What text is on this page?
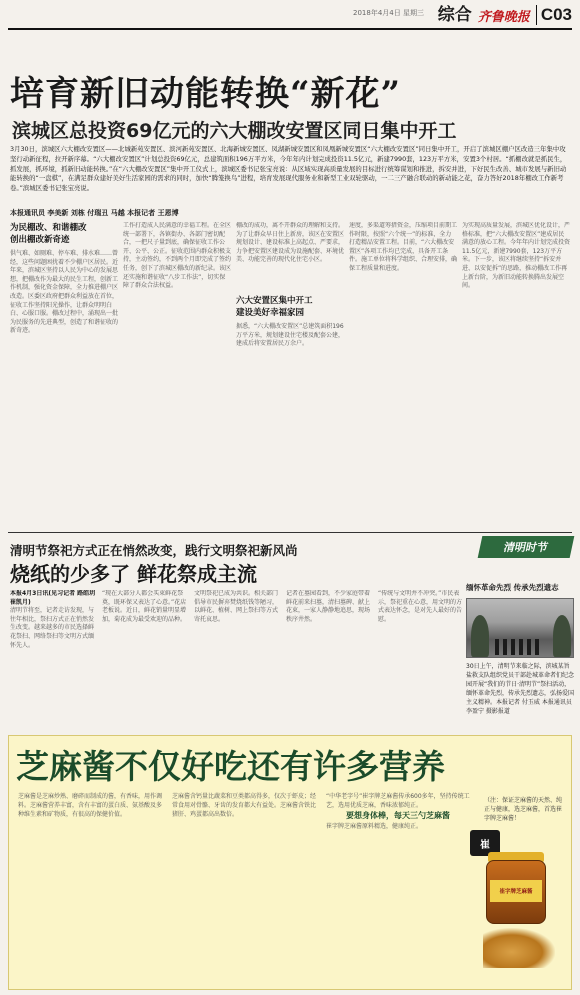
2018年4月4日 星期三 综合 齐鲁晚报 C03
培育新旧动能转换“新花”
滨城区总投资69亿元的六大棚改安置区同日集中开工

3月30日，滨城区六大棚改安置区——北城新苑安置区、滨河新苑安置区、北海新城安置区、凤湖新城安置区和凤凰新城安置区“六大棚改安置区”同日集中开工，开启了滨城区棚户区改造三年集中攻坚行动新征程，拉开新序幕。“六大棚改安置区”计划总投资69亿元，总建筑面积196万平方米，今年年内计划完成投资11.5亿元，新建7990套，123万平方米，安置3个村居。“抓棚改就是抓民生，抓发展，抓环境，抓新旧动能转换。”在“六大棚改安置区”集中开工仪式上，滨城区委书记张宝亮说：从区域实现高质量发展的目标进行统筹谋划和推进，拆安并进，下好民生改善、城市发展与新旧动能转换的“一盘棋”，在满足群众建好美好生活家园的需求的同时，加快“腾笼换鸟”进程，培育发展现代服务业和新型工业双轮驱动，一二三产融合联动的新动能之花，奋力答好2018年棚改工作新考卷。”滨城区委书记张宝亮说。

本报通讯员 李美新 刘栋 付瑞丑 马越 本报记者 王恩博
为民棚改、和谐棚改
创出棚改新奇迹
供气难、如厕难、停车难、排水难……曾经，这些问题困扰着不少棚户区居民。近年来，滨城区坚持以人民为中心的发展思想，把棚改作为最大的民生工程，创新工作机制，强化资金保障，全力推进棚户区改造。区委区政府把群众利益放在首位，征收工作坚持阳光操作，让群众明明白白、心服口服。棚改过程中，涌现出一批为民服务的先进典型，创造了和谐征收的新奇迹。
工作打造成人民满意的幸福工程。在全区统一部署下，各镇街办、各部门密切配合，一把尺子量到底，确保征收工作公开、公平、公正。征收范围内群众积极支持，主动签约，不到两个月即完成了签约任务，创下了滨城区棚改的新纪录。该区还实施和谐征收“八步工作法”，切实保障了群众合法权益。
棚改的成功，离不开群众的理解和支持。为了让群众早日住上新房，该区在安置区规划设计、建设标准上高起点、严要求，力争把安置区建设成为设施配套、环境优美、功能完善的现代化住宅小区。
六大安置区集中开工
建设美好幸福家园
据悉，“六大棚改安置区”总建筑面积196万平方米，规划建设住宅楼及配套公建，建成后将安置居民万余户。
速度，多渠道筹措资金，压缩项目前期工作时限，按照“六个统一”的标准，全力打造精品安置工程。目前，“六大棚改安置区”各项工作均已完成，具备开工条件。施工单位将科学组织、合理安排，确保工程质量和进度。
为实现高质量发展，滨城区优化设计，严格标准，把“六大棚改安置区”建成居民满意的放心工程。今年年内计划完成投资11.5亿元，新建7990套，123万平方米。下一步，该区将继续坚持“拆安并进、以安促拆”的思路，推动棚改工作再上新台阶，为新旧动能转换腾出发展空间。
清明时节
清明节祭祀方式正在悄然改变，践行文明祭祀新风尚
烧纸的少多了 鲜花祭成主流
本报4月3日讯(见习记者 路皓玥 崔凯月)
清明节将至，记者走访发现，与往年相比，祭扫方式正在悄然发生改变。越来越多的市民选择鲜花祭扫、网络祭扫等文明方式缅怀先人。
“现在大部分人都会买束鲜花祭奠，既环保又表达了心意。”花店老板说。近日，鲜花销量明显增加，菊花成为最受欢迎的品种。
文明祭祀已成为共识。相关部门倡导市民摒弃焚烧纸钱等陋习，以鲜花、植树、网上祭扫等方式寄托哀思。
记者在墓园看到，不少家庭带着鲜花前来扫墓，清扫墓碑、献上花束，一家人静静地追思，现场秩序井然。
“传统与文明并不冲突。”市民表示，祭祀重在心意，用文明的方式表达怀念，是对先人最好的告慰。
缅怀革命先烈 传承先烈遗志
30日上午，清明节来临之际，滨城某旨盐救支队组织党员干部赴城革命者们纪念园开展“我们的节日·清明节”祭扫活动，缅怀革命先烈，传承先烈遗志，弘扬爱国主义精神。本报记者 付玉威 本报通讯员 李盈宁 摄影报道
芝麻酱不仅好吃还有许多营养
芝麻酱是芝麻炒熟、磨碎而制成的酱，有香味，用作调料。芝麻酱营养丰富，含有丰富的蛋白质、氨基酸及多种维生素和矿物质，有很高的保健价值。
芝麻酱含钙量比蔬菜和豆类都高得多，仅次于虾皮；经常食用对骨骼、牙齿的发育都大有益处。芝麻酱含铁比猪肝、鸡蛋都高出数倍。
“中华老字号”崔字牌芝麻酱传承600多年，坚持传统工艺，选用优质芝麻，香味浓郁纯正。
要想身体棒，每天三勺芝麻酱
崔字牌芝麻酱原料精选，健康纯正。
（注：保证芝麻酱的天然、纯正与健康，选芝麻酱，首选崔字牌芝麻酱！
崔
崔字牌芝麻酱
